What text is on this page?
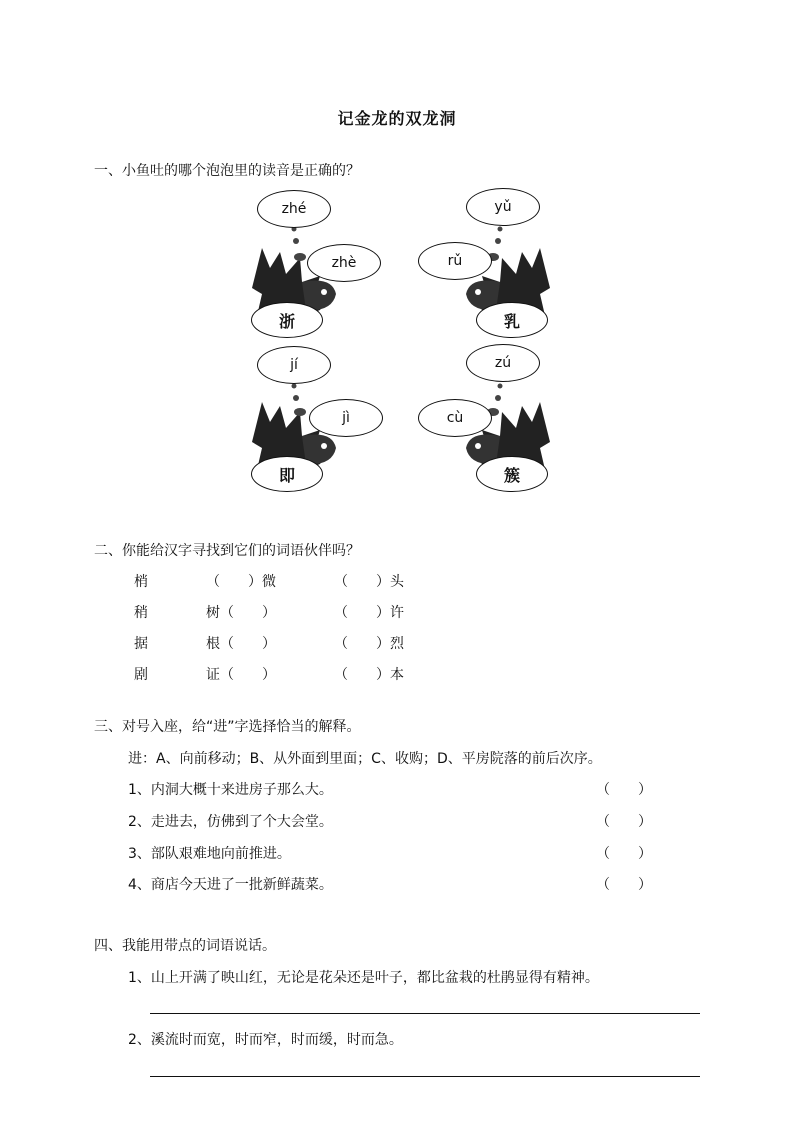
记金龙的双龙洞
一、小鱼吐的哪个泡泡里的读音是正确的？
zhé
zhè
浙
yǔ
rǔ
乳
jí
jì
即
zú
cù
簇
二、你能给汉字寻找到它们的词语伙伴吗？
梢	（　　）微	（　　）头
稍	树（　　）	（　　）许
据	根（　　）	（　　）烈
剧	证（　　）	（　　）本
三、对号入座，给“进”字选择恰当的解释。
进：A、向前移动；B、从外面到里面；C、收购；D、平房院落的前后次序。
1、内洞大概十来进房子那么大。	（　　）
2、走进去，仿佛到了个大会堂。	（　　）
3、部队艰难地向前推进。	（　　）
4、商店今天进了一批新鲜蔬菜。	（　　）
四、我能用带点的词语说话。
1、山上开满了映山红，无论是花朵还是叶子，都比盆栽的杜鹃显得有精神。
2、溪流时而宽，时而窄，时而缓，时而急。
